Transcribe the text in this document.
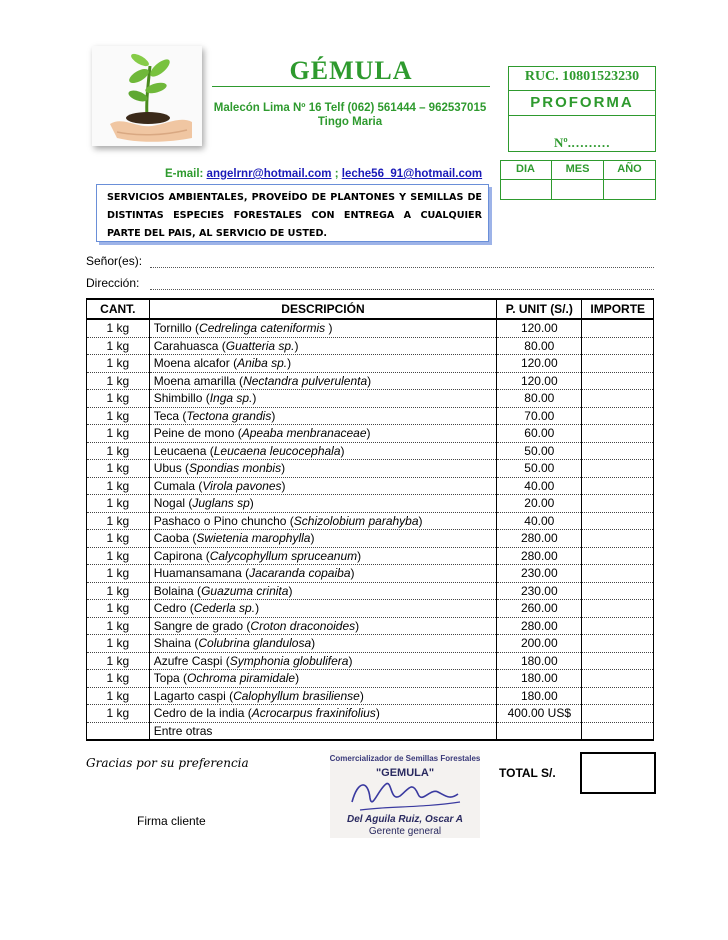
GÉMULA
Malecón Lima Nº 16 Telf (062) 561444 – 962537015
Tingo Maria
E-mail: angelrnr@hotmail.com ; leche56_91@hotmail.com
RUC. 10801523230
PROFORMA
Nº.………
DIA	MES	AÑO
SERVICIOS AMBIENTALES, PROVEÍDO DE PLANTONES Y SEMILLAS DE DISTINTAS ESPECIES FORESTALES CON ENTREGA A CUALQUIER PARTE DEL PAIS, AL SERVICIO DE USTED.
Señor(es):
Dirección:
CANT.	DESCRIPCIÓN	P. UNIT (S/.)	IMPORTE
1 kg	Tornillo (Cedrelinga cateniformis )	120.00	
1 kg	Carahuasca (Guatteria sp.)	80.00	
1 kg	Moena alcafor (Aniba sp.)	120.00	
1 kg	Moena amarilla (Nectandra pulverulenta)	120.00	
1 kg	Shimbillo (Inga sp.)	80.00	
1 kg	Teca (Tectona grandis)	70.00	
1 kg	Peine de mono (Apeaba menbranaceae)	60.00	
1 kg	Leucaena (Leucaena leucocephala)	50.00	
1 kg	Ubus (Spondias monbis)	50.00	
1 kg	Cumala (Virola pavones)	40.00	
1 kg	Nogal (Juglans sp)	20.00	
1 kg	Pashaco o Pino chuncho (Schizolobium parahyba)	40.00	
1 kg	Caoba (Swietenia marophylla)	280.00	
1 kg	Capirona (Calycophyllum spruceanum)	280.00	
1 kg	Huamansamana (Jacaranda copaiba)	230.00	
1 kg	Bolaina (Guazuma crinita)	230.00	
1 kg	Cedro (Cederla sp.)	260.00	
1 kg	Sangre de grado (Croton draconoides)	280.00	
1 kg	Shaina (Colubrina glandulosa)	200.00	
1 kg	Azufre Caspi (Symphonia globulifera)	180.00	
1 kg	Topa (Ochroma piramidale)	180.00	
1 kg	Lagarto caspi (Calophyllum brasiliense)	180.00	
1 kg	Cedro de la india (Acrocarpus fraxinifolius)	400.00 US$	
	Entre otras		
Gracias por su preferencia	Comercializador de Semillas Forestales
"GEMULA"
Del Aguila Ruiz, Oscar A
Gerente general
TOTAL S/.
Firma cliente
